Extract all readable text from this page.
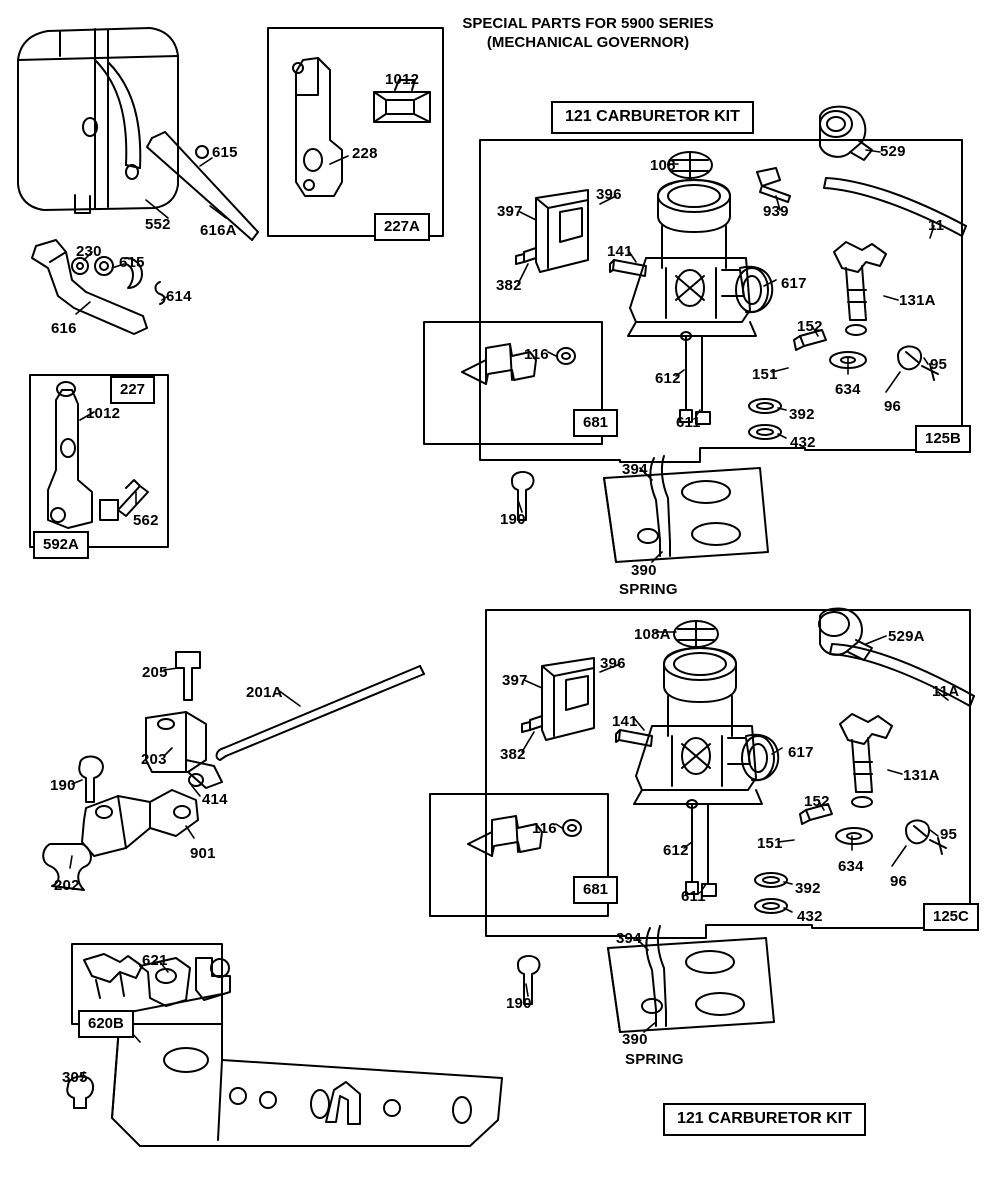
SPECIAL PARTS FOR 5900 SERIES
(MECHANICAL GOVERNOR)
121 CARBURETOR KIT
121 CARBURETOR KIT
227A
227
592A
681
125B
681
125C
620B
1012
615	228
552 616A
230
615
614
616
1012
562
108
529
396
939
397
11
141
617
382
131A
152
116
95
151
634
96
612
611	392
432
394
190
390
SPRING
108A	529A
396
397
11A
205
201A
141
203	617
382
131A
190
414	152
116	95
151
901
634
612
96
202	392
611
432
394
621
190
390
SPRING
305
